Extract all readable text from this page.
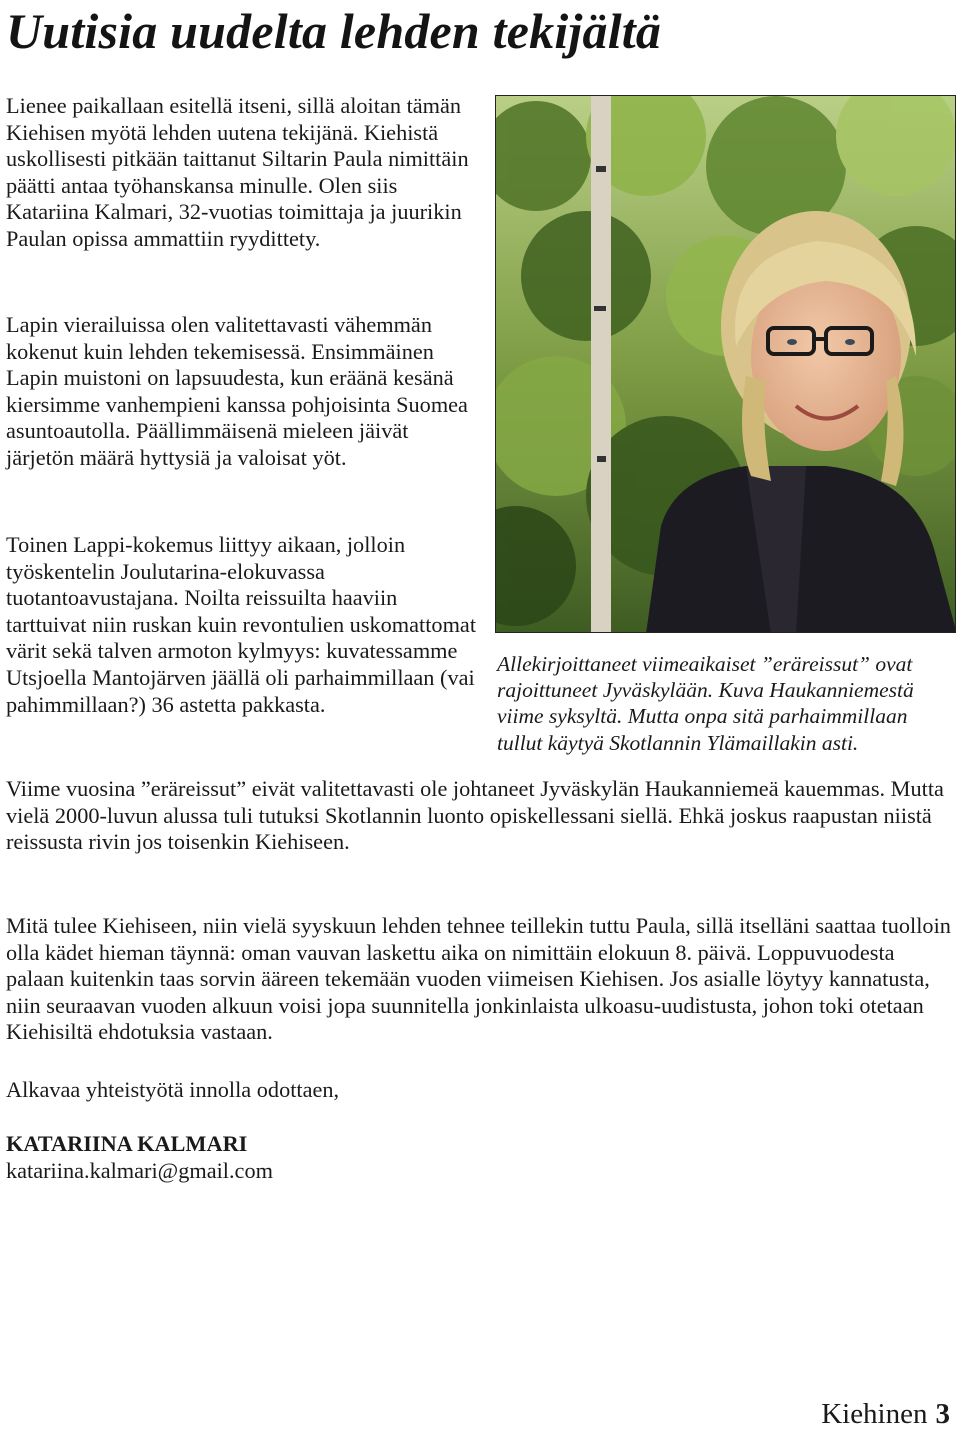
Uutisia uudelta lehden tekijältä

Lienee paikallaan esitellä itseni, sillä aloitan tämän Kiehisen myötä lehden uutena tekijänä. Kiehistä uskollisesti pitkään taittanut Siltarin Paula nimittäin päätti antaa työhanskansa minulle. Olen siis Katariina Kalmari, 32-vuotias toimittaja ja juurikin Paulan opissa ammattiin ryydittety.

Lapin vierailuissa olen valitettavasti vähemmän kokenut kuin lehden tekemisessä. Ensimmäinen Lapin muistoni on lapsuudesta, kun eräänä kesänä kiersimme vanhempieni kanssa pohjoisinta Suomea asuntoautolla. Päällimmäisenä mieleen jäivät järjetön määrä hyttysiä ja valoisat yöt.

Toinen Lappi-kokemus liittyy aikaan, jolloin työskentelin Joulutarina-elokuvassa tuotantoavustajana. Noilta reissuilta haaviin tarttuivat niin ruskan kuin revontulien uskomattomat värit sekä talven armoton kylmyys: kuvatessamme Utsjoella Mantojärven jäällä oli parhaimmillaan (vai pahimmillaan?) 36 astetta pakkasta.

Allekirjoittaneet viimeaikaiset ”eräreissut” ovat rajoittuneet Jyväskylään. Kuva Haukanniemestä viime syksyltä. Mutta onpa sitä parhaimmillaan tullut käytyä Skotlannin Ylämaillakin asti.

Viime vuosina ”eräreissut” eivät valitettavasti ole johtaneet Jyväskylän Haukanniemeä kauemmas. Mutta vielä 2000-luvun alussa tuli tutuksi Skotlannin luonto opiskellessani siellä. Ehkä joskus raapustan niistä reissusta rivin jos toisenkin Kiehiseen.

Mitä tulee Kiehiseen, niin vielä syyskuun lehden tehnee teillekin tuttu Paula, sillä itselläni saattaa tuolloin olla kädet hieman täynnä: oman vauvan laskettu aika on nimittäin elokuun 8. päivä. Loppuvuodesta palaan kuitenkin taas sorvin ääreen tekemään vuoden viimeisen Kiehisen. Jos asialle löytyy kannatusta, niin seuraavan vuoden alkuun voisi jopa suunnitella jonkinlaista ulkoasu-uudistusta, johon toki otetaan Kiehisiltä ehdotuksia vastaan.

Alkavaa yhteistyötä innolla odottaen,

KATARIINA KALMARI

katariina.kalmari@gmail.com

Kiehinen 3
